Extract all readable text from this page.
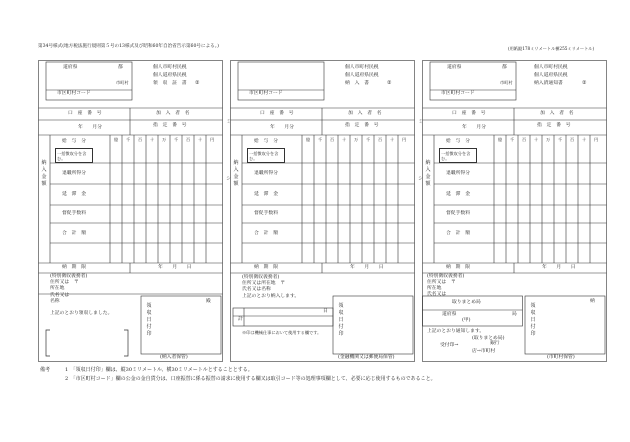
第34号様式(地方税法施行規則第５号の13様式及び昭和60年自治省告示第60号による。)	(用紙縦178ミリメートル横255ミリメートル)
道府県	都
市町村
個人市町村民税
個人道府県民税
領　収　証　書 ②
市区町村コード
口　座　番　号	加　入　者　名
年　　月分	指　定　番　号
納入金額
給　与　分
一括徴収分を含む。
退職所得分
延　滞　金
督促手数料
合　計　額
億 千 百 十 万 千 百 十 円
納　期　限	年　　月　　日
(特別徴収義務者)
住所又は　〒
所在地
氏名又は
名称	殿
上記のとおり領収しました。
領収日付印
(納入者保管)
ミ
シ
個人市町村民税
個人道府県民税
納　入　書	②
市区町村コード
口　座　番　号	加　入　者　名
年　　月分	指　定　番　号
納入金額
給　与　分
一括徴収分を含む。
退職所得分
延　滞　金
督促手数料
合　計　額
億 千 百 十 万 千 百 十 円
納　期　限	年　　月　　日
(特別徴収義務者)
住所又は所在地　〒
氏名又は名称
上記のとおり納入します。
日
計
※印は機械仕事において使用する欄です。
領収日付印
(金融機関又は郵便局保管)
ミ
シ
道府県	都
市町村
個人市町村民税
個人道府県民税
納入済通知書	②
市区町村コード
口　座　番　号	加　入　者　名
年　　月分	指　定　番　号
納入金額
給　与　分
一括徴収分を含む。
退職所得分
延　滞　金
督促手数料
合　計　額
億 千 百 十 万 千 百 十 円
納　期　限	年　　月　　日
(特別徴収義務者)
住所又は　〒
所在地
氏名又は
納
取りまとめ局
道府県
(甲)
局
上記のとおり通知します。
(取りまとめ局)
受付印→	銀行
店→市町村
領収日付印
(市町村保管)
備考	1　「領収日付印」欄は、縦30ミリメートル、横30ミリメートルとすることとする。
2　「市区町村コード」欄の公金の金自貨分は、口座振替に係る振替の請求に使用する欄又は取引コード等の処理事項欄として、必要に応じ使用するものであること。
